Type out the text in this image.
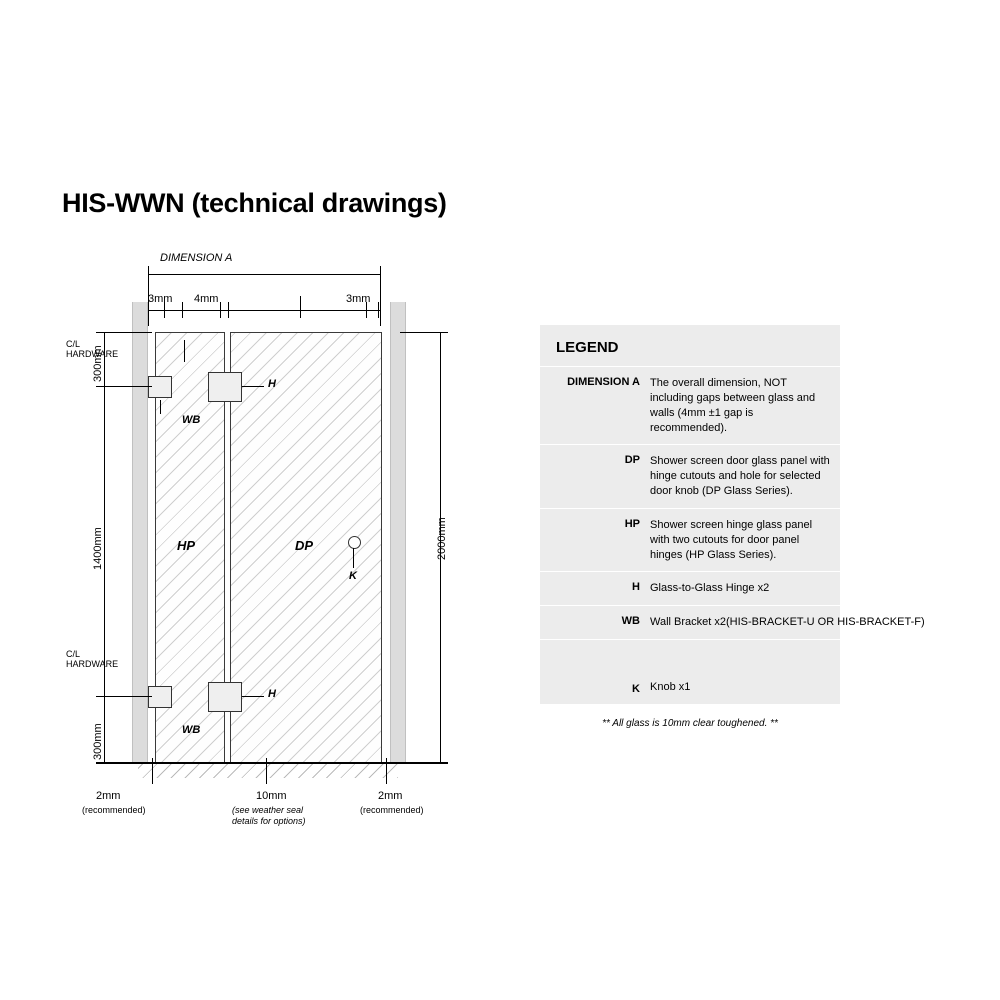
HIS-WWN (technical drawings)
DIMENSION A
3mm 4mm	3mm
HP	DP
H
H
WB
WB
K
300mm
1400mm
300mm
C/L
HARDWARE
C/L
HARDWARE
2000mm
2mm
(recommended)
10mm
(see weather seal
details for options)
2mm
(recommended)
LEGEND
DIMENSION A The overall dimension, NOT including gaps between glass and walls (4mm ±1 gap is recommended).
DP Shower screen door glass panel with hinge cutouts and hole for selected door knob (DP Glass Series).
HP Shower screen hinge glass panel with two cutouts for door panel hinges (HP Glass Series).
H Glass-to-Glass Hinge x2
WB Wall Bracket x2(HIS-BRACKET-U OR HIS-BRACKET-F)
K Knob x1
** All glass is 10mm clear toughened. **
